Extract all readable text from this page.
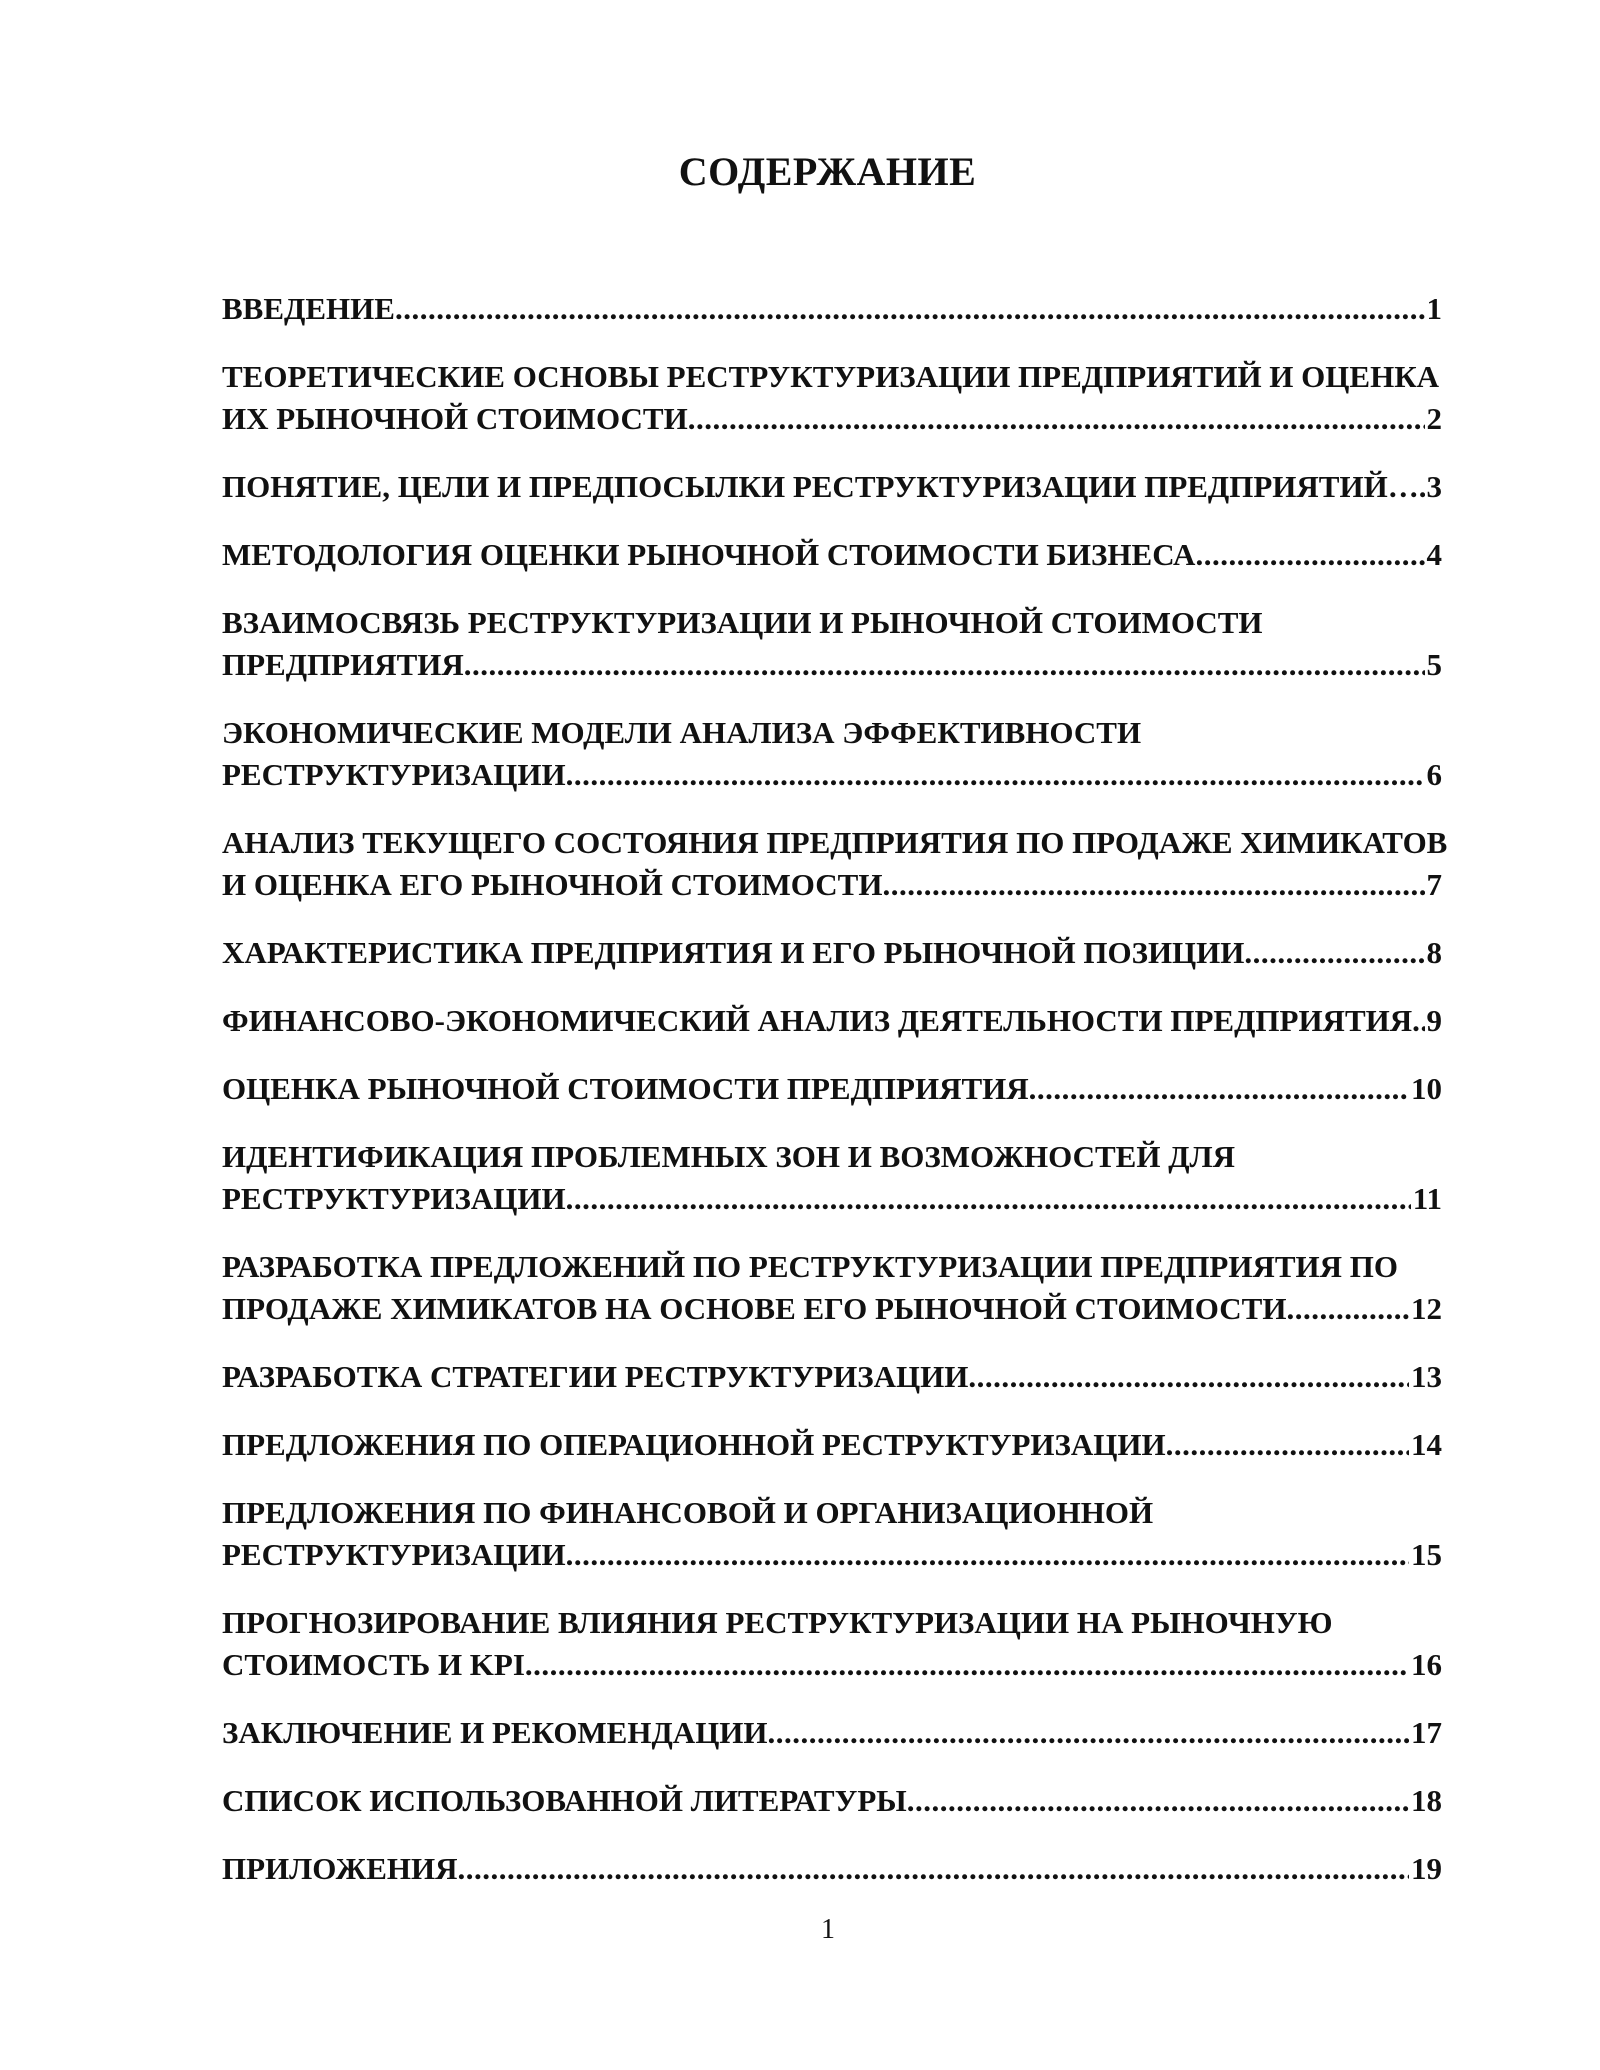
СОДЕРЖАНИЕ
ВВЕДЕНИЕ .....	1
ТЕОРЕТИЧЕСКИЕ ОСНОВЫ РЕСТРУКТУРИЗАЦИИ ПРЕДПРИЯТИЙ И ОЦЕНКА
ИХ РЫНОЧНОЙ СТОИМОСТИ .....	2
ПОНЯТИЕ, ЦЕЛИ И ПРЕДПОСЫЛКИ РЕСТРУКТУРИЗАЦИИ ПРЕДПРИЯТИЙ… ..... 3
МЕТОДОЛОГИЯ ОЦЕНКИ РЫНОЧНОЙ СТОИМОСТИ БИЗНЕСА .....	4
ВЗАИМОСВЯЗЬ РЕСТРУКТУРИЗАЦИИ И РЫНОЧНОЙ СТОИМОСТИ
ПРЕДПРИЯТИЯ .....	5
ЭКОНОМИЧЕСКИЕ МОДЕЛИ АНАЛИЗА ЭФФЕКТИВНОСТИ
РЕСТРУКТУРИЗАЦИИ .....	6
АНАЛИЗ ТЕКУЩЕГО СОСТОЯНИЯ ПРЕДПРИЯТИЯ ПО ПРОДАЖЕ ХИМИКАТОВ
И ОЦЕНКА ЕГО РЫНОЧНОЙ СТОИМОСТИ .....	7
ХАРАКТЕРИСТИКА ПРЕДПРИЯТИЯ И ЕГО РЫНОЧНОЙ ПОЗИЦИИ .....	8
ФИНАНСОВО-ЭКОНОМИЧЕСКИЙ АНАЛИЗ ДЕЯТЕЛЬНОСТИ ПРЕДПРИЯТИЯ ..... 9
ОЦЕНКА РЫНОЧНОЙ СТОИМОСТИ ПРЕДПРИЯТИЯ .....	10
ИДЕНТИФИКАЦИЯ ПРОБЛЕМНЫХ ЗОН И ВОЗМОЖНОСТЕЙ ДЛЯ
РЕСТРУКТУРИЗАЦИИ .....	11
РАЗРАБОТКА ПРЕДЛОЖЕНИЙ ПО РЕСТРУКТУРИЗАЦИИ ПРЕДПРИЯТИЯ ПО
ПРОДАЖЕ ХИМИКАТОВ НА ОСНОВЕ ЕГО РЫНОЧНОЙ СТОИМОСТИ .....	12
РАЗРАБОТКА СТРАТЕГИИ РЕСТРУКТУРИЗАЦИИ .....	13
ПРЕДЛОЖЕНИЯ ПО ОПЕРАЦИОННОЙ РЕСТРУКТУРИЗАЦИИ .....	14
ПРЕДЛОЖЕНИЯ ПО ФИНАНСОВОЙ И ОРГАНИЗАЦИОННОЙ
РЕСТРУКТУРИЗАЦИИ .....	15
ПРОГНОЗИРОВАНИЕ ВЛИЯНИЯ РЕСТРУКТУРИЗАЦИИ НА РЫНОЧНУЮ
СТОИМОСТЬ И KPI .....	16
ЗАКЛЮЧЕНИЕ И РЕКОМЕНДАЦИИ .....	17
СПИСОК ИСПОЛЬЗОВАННОЙ ЛИТЕРАТУРЫ .....	18
ПРИЛОЖЕНИЯ .....	19
1
